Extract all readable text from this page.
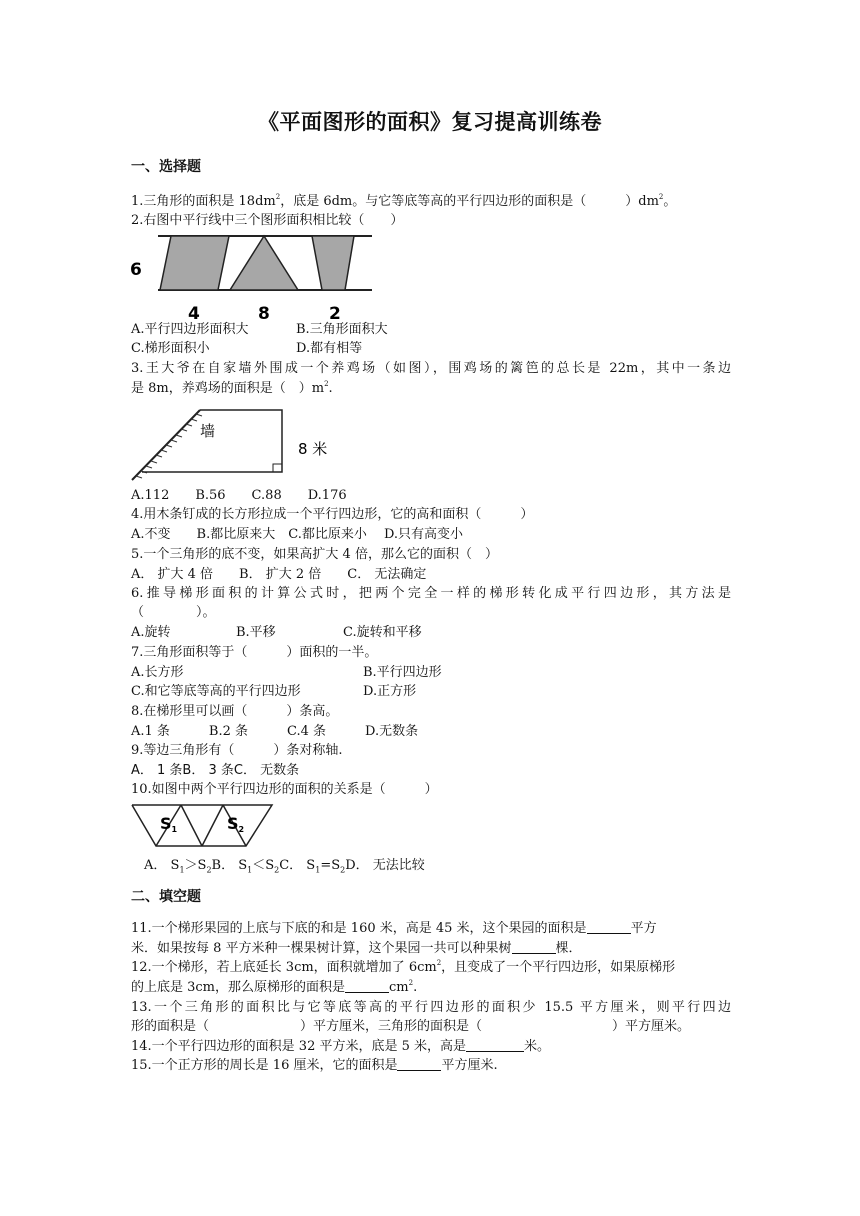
《平面图形的面积》复习提高训练卷
一、选择题
1.三角形的面积是 $18dm^2$，底是 6dm。与它等底等高的平行四边形的面积是（　　　）$dm^2$。
2.右图中平行线中三个图形面积相比较（　　）
6
4	8	2
A.平行四边形面积大	B.三角形面积大
C.梯形面积小	D.都有相等
3.王大爷在自家墙外围成一个养鸡场（如图），围鸡场的篱笆的总长是 22m，其中一条边
是 8m，养鸡场的面积是（　）$m^2$.
墙
8 米
A.112　　B.56　　C.88　　D.176
4.用木条钉成的长方形拉成一个平行四边形，它的高和面积（　　　）
A.不变　　B.都比原来大　C.都比原来小　 D.只有高变小
5.一个三角形的底不变，如果高扩大 4 倍，那么它的面积（　）
A． 扩大 4 倍　　B． 扩大 2 倍　　C． 无法确定
6.推导梯形面积的计算公式时，把两个完全一样的梯形转化成平行四边形，其方法是
（　　　　）。
A.旋转	B.平移	C.旋转和平移
7.三角形面积等于（　　　）面积的一半。
A.长方形	B.平行四边形
C.和它等底等高的平行四边形	D.正方形
8.在梯形里可以画（　　　）条高。
A.1 条　　　B.2 条　　　C.4 条　　　D.无数条
9.等边三角形有（　　　）条对称轴.
A． 1 条B． 3 条C． 无数条
10.如图中两个平行四边形的面积的关系是（　　　）
S1	S2
A． $S_1>S_2B$． $S_1<S_2C$． $S_1=S_2D$． 无法比较
二、填空题
11.一个梯形果园的上底与下底的和是 160 米，高是 45 米，这个果园的面积是	平方
米．如果按每 8 平方米种一棵果树计算，这个果园一共可以种果树	棵．
12.一个梯形，若上底延长 3cm，面积就增加了 $6cm^2$，且变成了一个平行四边形，如果原梯形
的上底是 3cm，那么原梯形的面积是	$cm^2$.
13.一个三角形的面积比与它等底等高的平行四边形的面积少 15.5 平方厘米，则平行四边
形的面积是（　　　　　　　）平方厘米，三角形的面积是（　　　　　　　　　　）平方厘米。
14.一个平行四边形的面积是 32 平方米，底是 5 米，高是	米。
15.一个正方形的周长是 16 厘米，它的面积是	平方厘米.
